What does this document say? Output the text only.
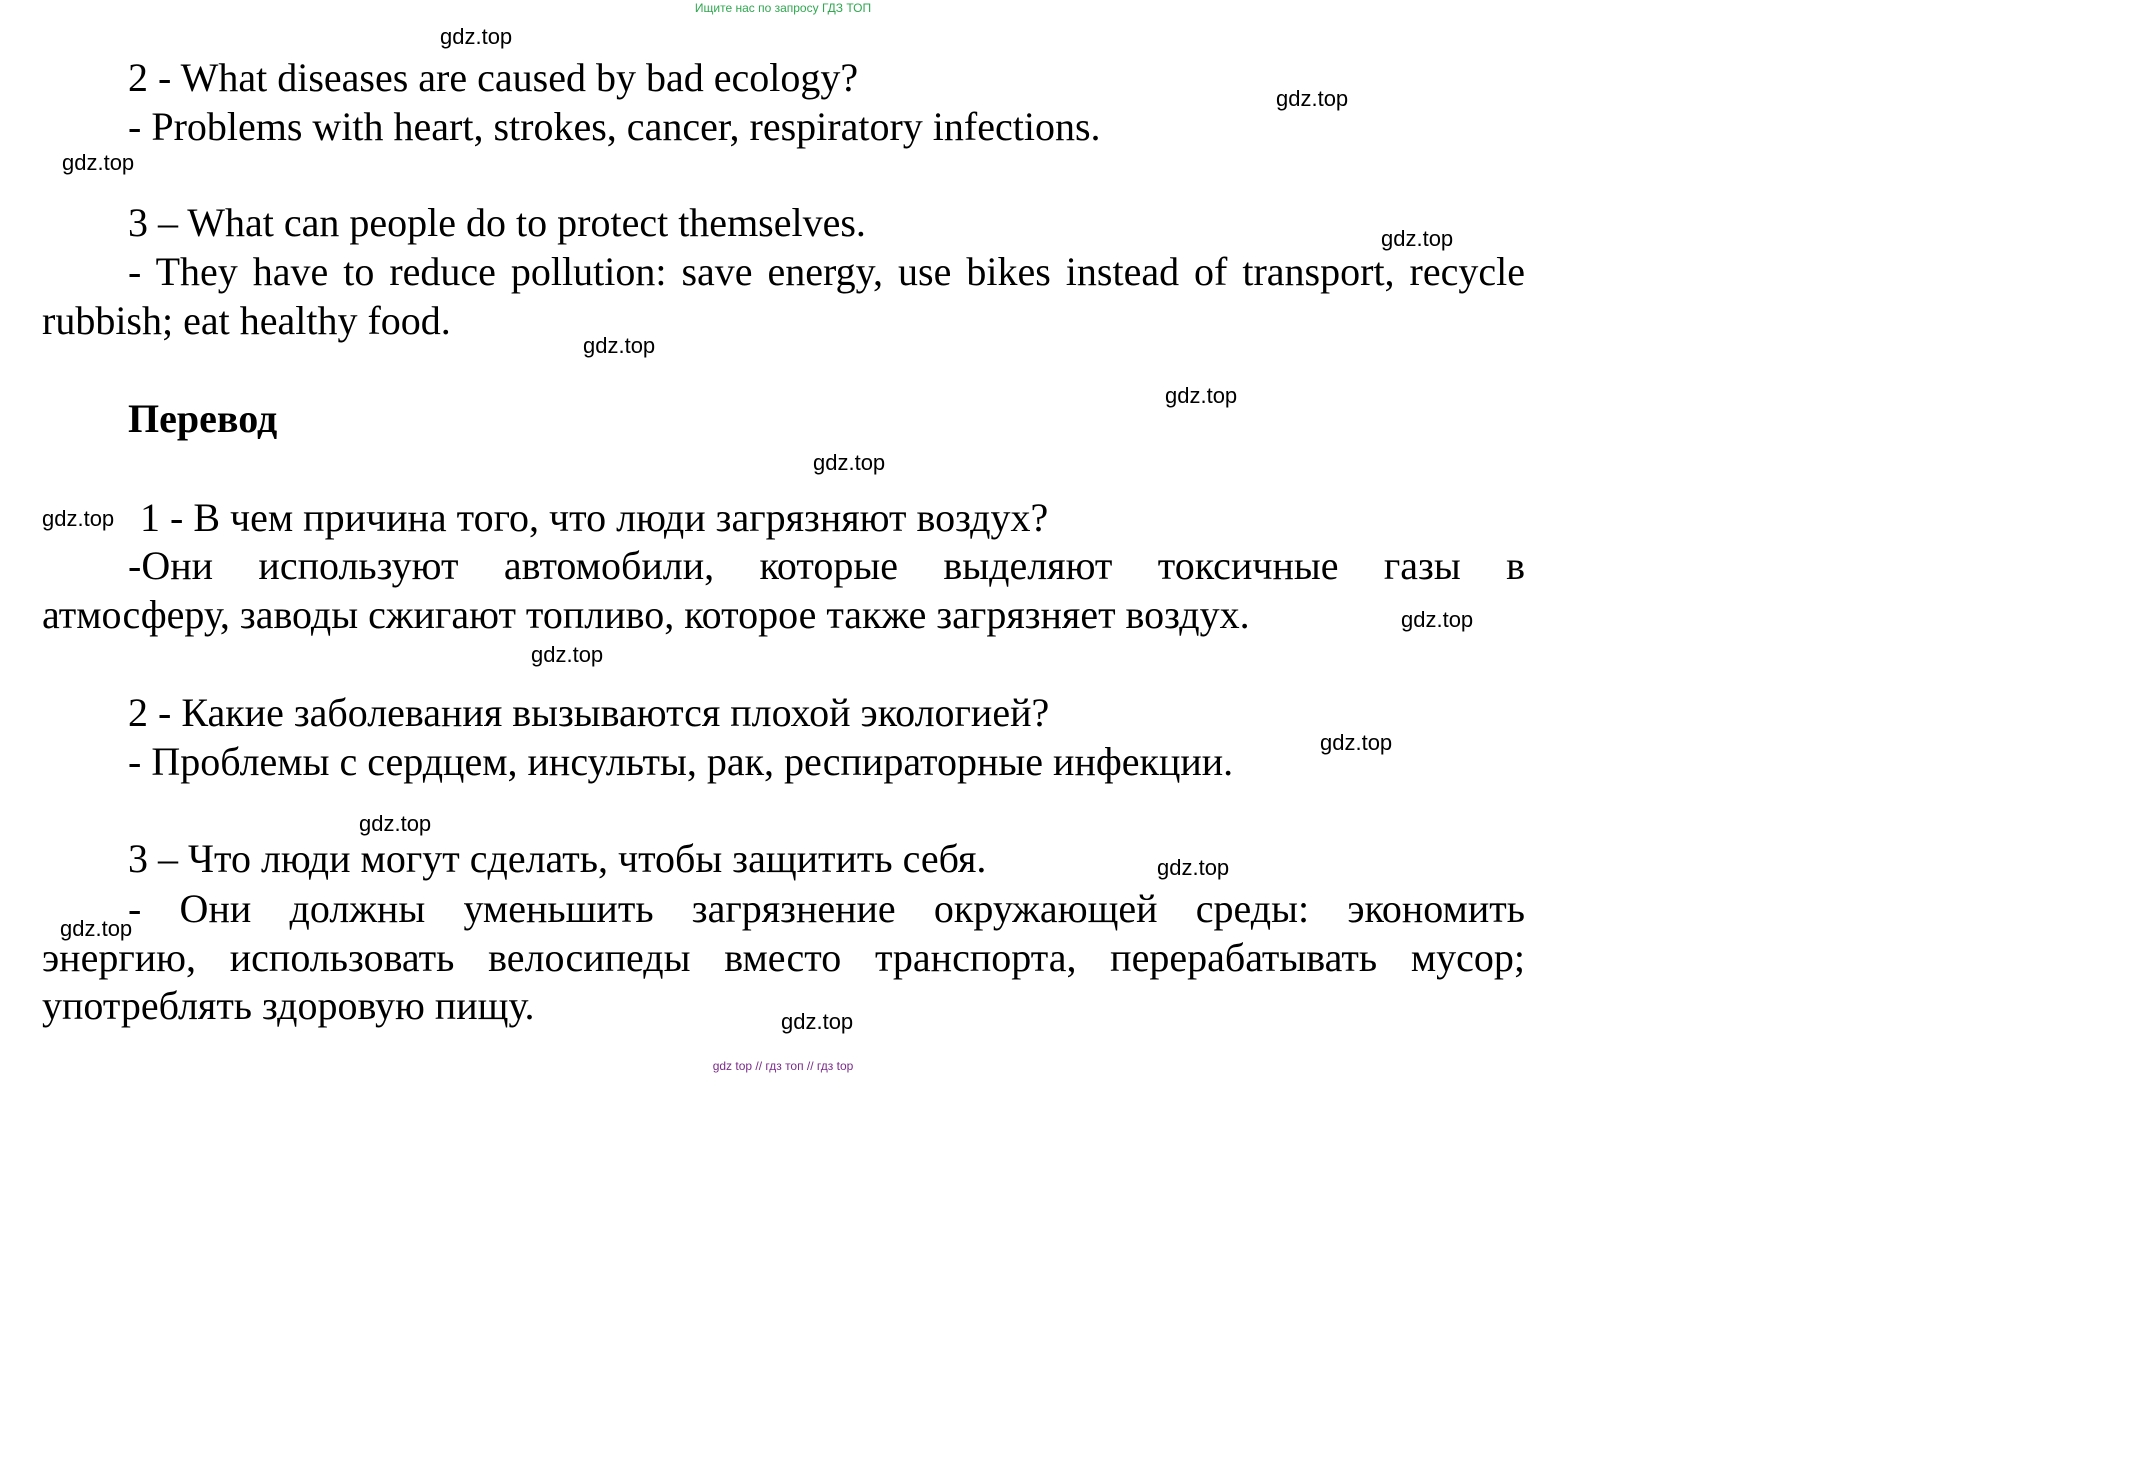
Ищите нас по запросу ГДЗ ТОП
2 - What diseases are caused by bad ecology?
- Problems with heart, strokes, cancer, respiratory infections.
3 – What can people do to protect themselves.
- They have to reduce pollution: save energy, use bikes instead of transport, recycle
rubbish; eat healthy food.
Перевод
1 - В чем причина того, что люди загрязняют воздух?
-Они используют автомобили, которые выделяют токсичные газы в
атмосферу, заводы сжигают топливо, которое также загрязняет воздух.
2 - Какие заболевания вызываются плохой экологией?
- Проблемы с сердцем, инсульты, рак, респираторные инфекции.
3 – Что люди могут сделать, чтобы защитить себя.
- Они должны уменьшить загрязнение окружающей среды: экономить
энергию, использовать велосипеды вместо транспорта, перерабатывать мусор;
употреблять здоровую пищу.
gdz.top
gdz.top
gdz.top
gdz.top
gdz.top
gdz.top
gdz.top
gdz.top
gdz.top
gdz.top
gdz.top
gdz.top
gdz.top
gdz.top
gdz.top
gdz top // гдз топ // гдз top
